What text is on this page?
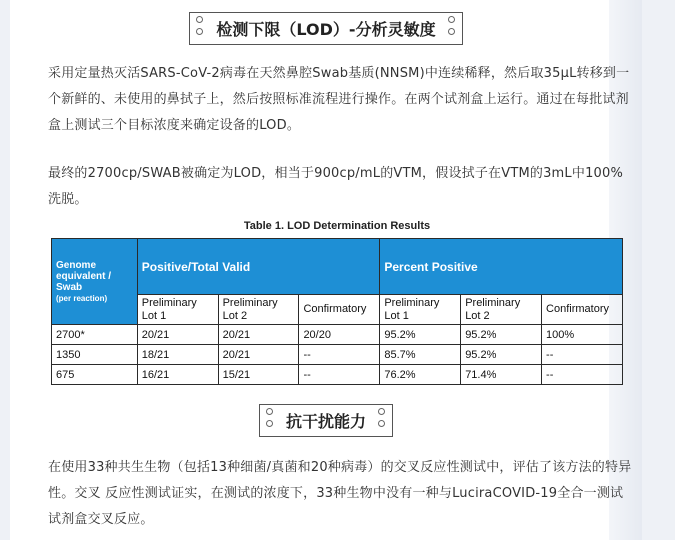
检测下限（LOD）-分析灵敏度
采用定量热灭活SARS-CoV-2病毒在天然鼻腔Swab基质(NNSM)中连续稀释，然后取35μL转移到一个新鲜的、未使用的鼻拭子上，然后按照标准流程进行操作。在两个试剂盒上运行。通过在每批试剂盒上测试三个目标浓度来确定设备的LOD。
最终的2700cp/SWAB被确定为LOD，相当于900cp/mL的VTM，假设拭子在VTM的3mL中100%洗脱。
Table 1. LOD Determination Results
Genome equivalent / Swab
(per reaction)	Positive/Total Valid			Percent Positive		
	Preliminary Lot 1	Preliminary Lot 2	Confirmatory	Preliminary Lot 1	Preliminary Lot 2	Confirmatory
2700*	20/21	20/21	20/20	95.2%	95.2%	100%
1350	18/21	20/21	--	85.7%	95.2%	--
675	16/21	15/21	--	76.2%	71.4%	--
抗干扰能力
在使用33种共生生物（包括13种细菌/真菌和20种病毒）的交叉反应性测试中，评估了该方法的特异性。交叉 反应性测试证实，在测试的浓度下，33种生物中没有一种与LuciraCOVID-19全合一测试试剂盒交叉反应。
